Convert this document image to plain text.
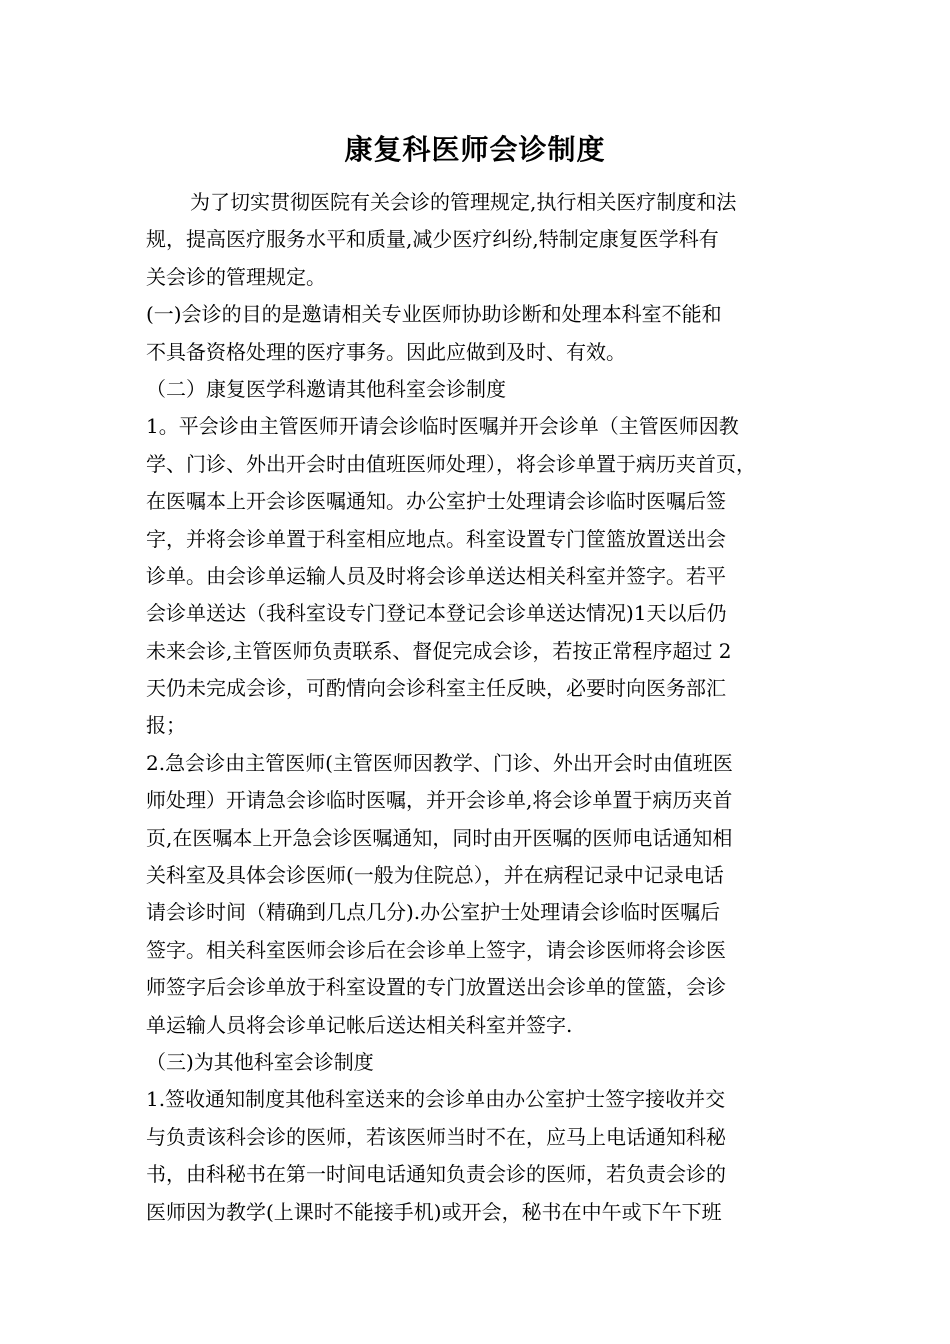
康复科医师会诊制度
为了切实贯彻医院有关会诊的管理规定,执行相关医疗制度和法
规，提高医疗服务水平和质量,减少医疗纠纷,特制定康复医学科有
关会诊的管理规定。
(一)会诊的目的是邀请相关专业医师协助诊断和处理本科室不能和
不具备资格处理的医疗事务。因此应做到及时、有效。
（二）康复医学科邀请其他科室会诊制度
1。平会诊由主管医师开请会诊临时医嘱并开会诊单（主管医师因教
学、门诊、外出开会时由值班医师处理），将会诊单置于病历夹首页，
在医嘱本上开会诊医嘱通知。办公室护士处理请会诊临时医嘱后签
字，并将会诊单置于科室相应地点。科室设置专门筐篮放置送出会
诊单。由会诊单运输人员及时将会诊单送达相关科室并签字。若平
会诊单送达（我科室设专门登记本登记会诊单送达情况)1天以后仍
未来会诊,主管医师负责联系、督促完成会诊，若按正常程序超过 2
天仍未完成会诊，可酌情向会诊科室主任反映，必要时向医务部汇
报；
2.急会诊由主管医师(主管医师因教学、门诊、外出开会时由值班医
师处理）开请急会诊临时医嘱，并开会诊单,将会诊单置于病历夹首
页,在医嘱本上开急会诊医嘱通知，同时由开医嘱的医师电话通知相
关科室及具体会诊医师(一般为住院总），并在病程记录中记录电话
请会诊时间（精确到几点几分).办公室护士处理请会诊临时医嘱后
签字。相关科室医师会诊后在会诊单上签字，请会诊医师将会诊医
师签字后会诊单放于科室设置的专门放置送出会诊单的筐篮，会诊
单运输人员将会诊单记帐后送达相关科室并签字.
（三)为其他科室会诊制度
1.签收通知制度其他科室送来的会诊单由办公室护士签字接收并交
与负责该科会诊的医师，若该医师当时不在，应马上电话通知科秘
书，由科秘书在第一时间电话通知负责会诊的医师，若负责会诊的
医师因为教学(上课时不能接手机)或开会，秘书在中午或下午下班
